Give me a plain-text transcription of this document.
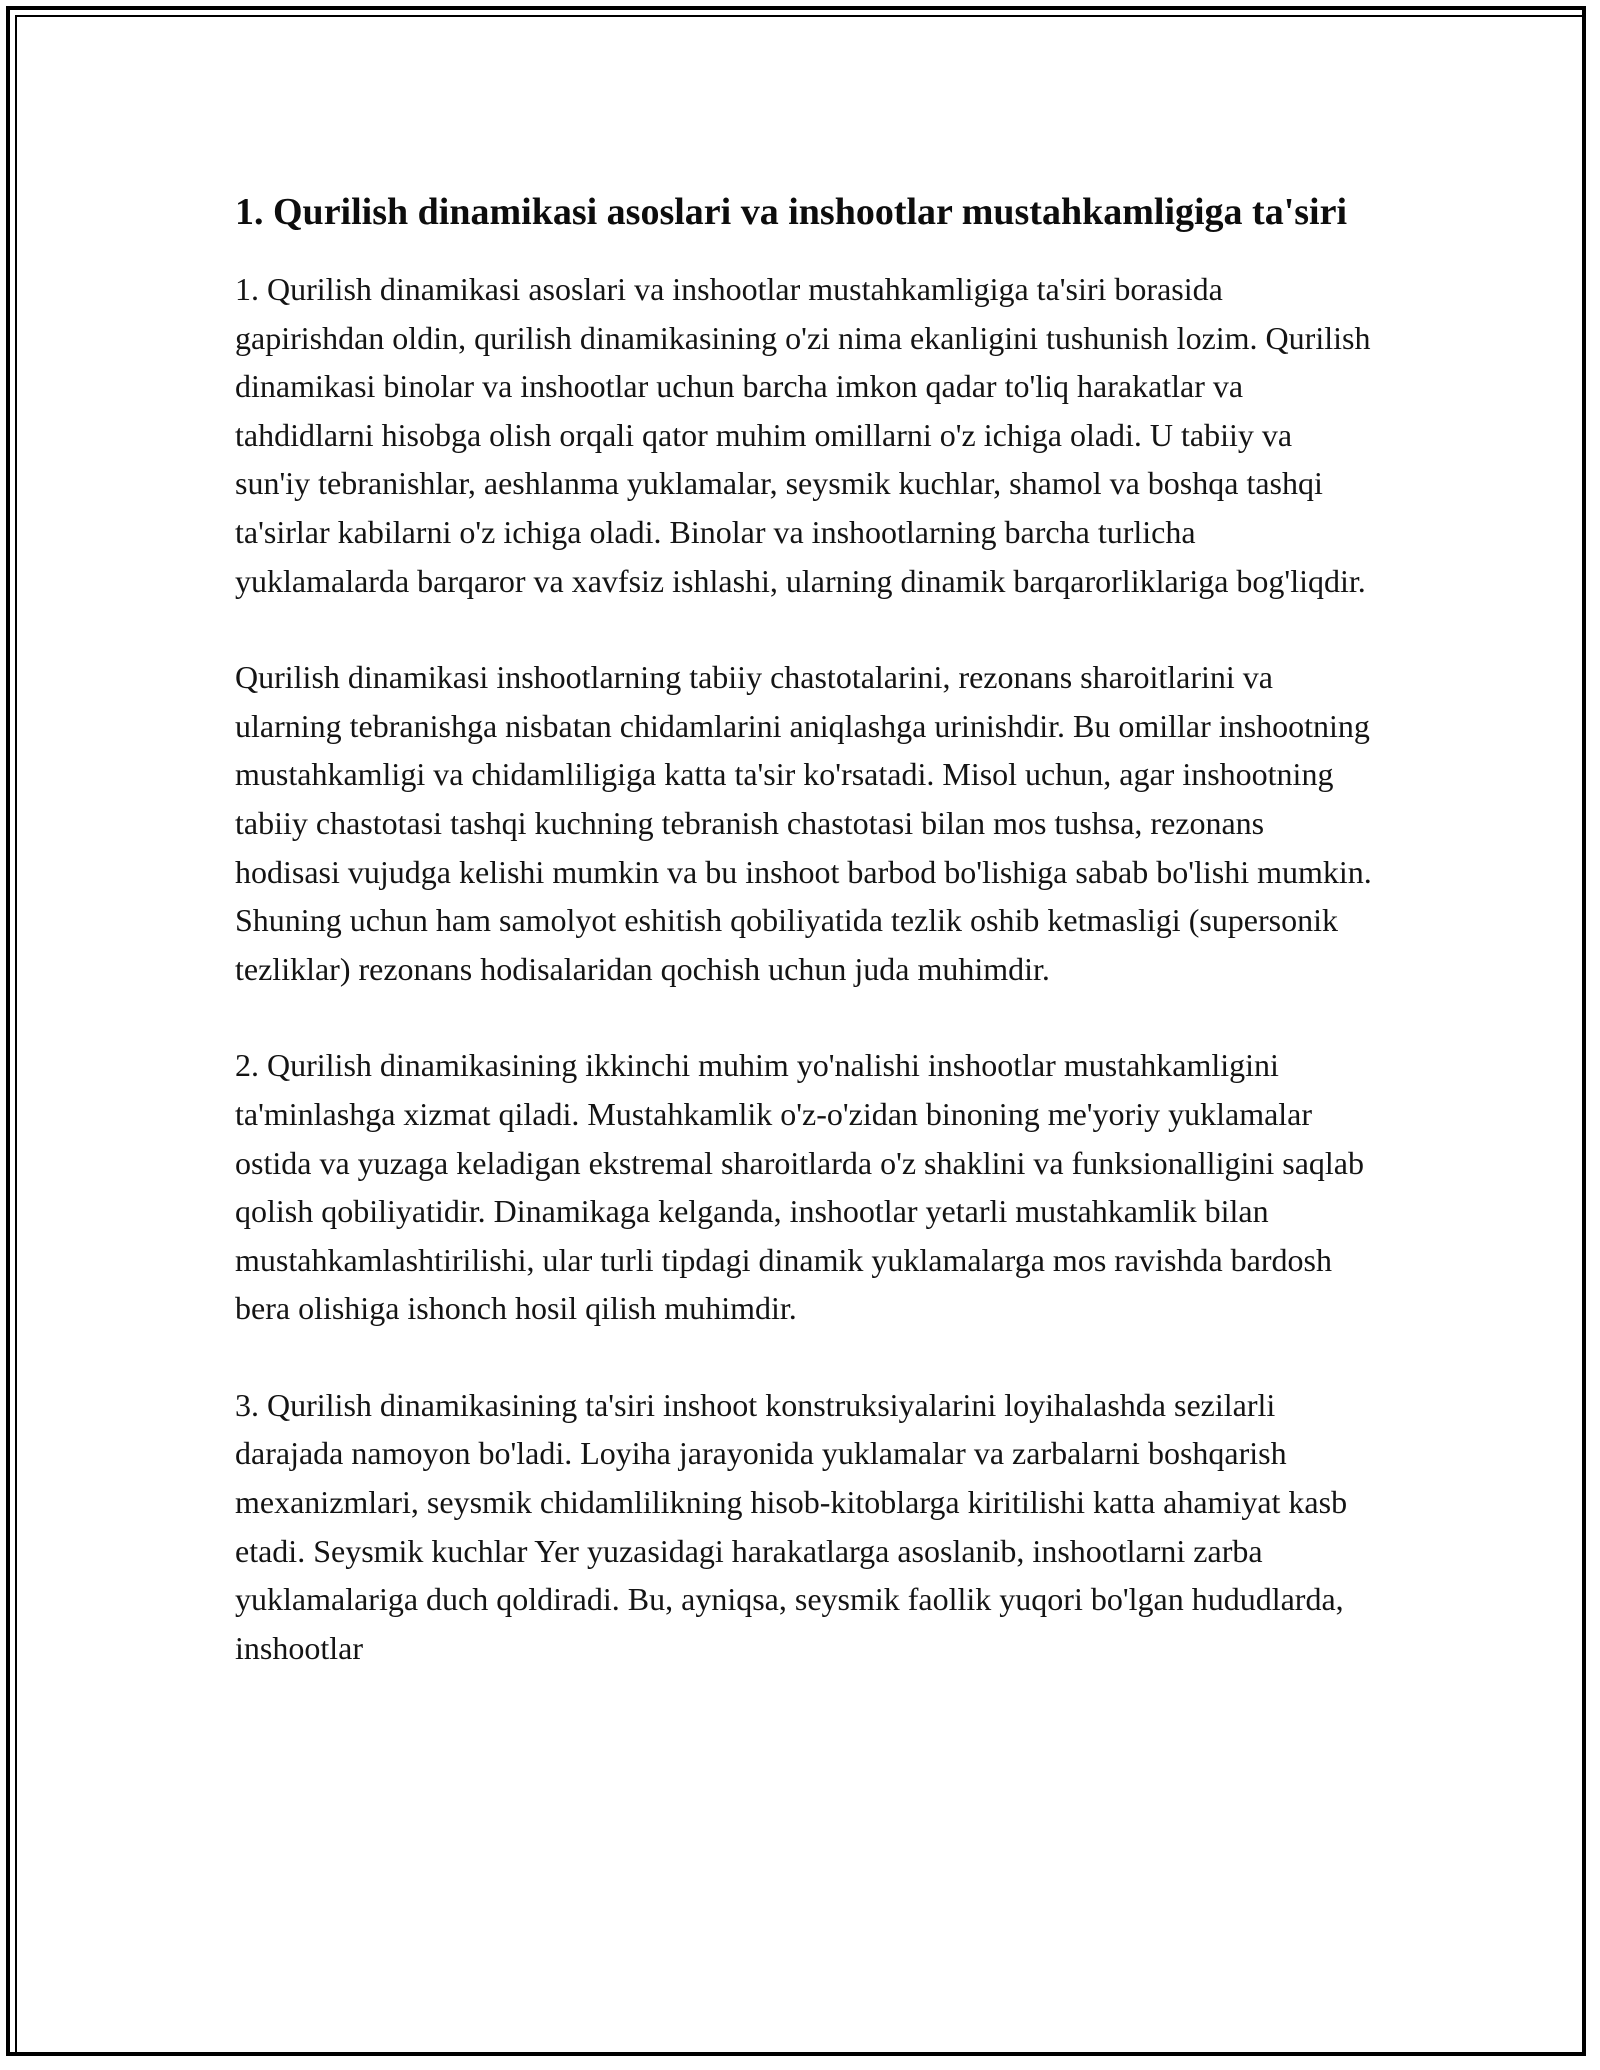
1. Qurilish dinamikasi asoslari va inshootlar mustahkamligiga ta'siri

1. Qurilish dinamikasi asoslari va inshootlar mustahkamligiga ta'siri borasida gapirishdan oldin, qurilish dinamikasining o'zi nima ekanligini tushunish lozim. Qurilish dinamikasi binolar va inshootlar uchun barcha imkon qadar to'liq harakatlar va tahdidlarni hisobga olish orqali qator muhim omillarni o'z ichiga oladi. U tabiiy va sun'iy tebranishlar, aeshlanma yuklamalar, seysmik kuchlar, shamol va boshqa tashqi ta'sirlar kabilarni o'z ichiga oladi. Binolar va inshootlarning barcha turlicha yuklamalarda barqaror va xavfsiz ishlashi, ularning dinamik barqarorliklariga bog'liqdir.

Qurilish dinamikasi inshootlarning tabiiy chastotalarini, rezonans sharoitlarini va ularning tebranishga nisbatan chidamlarini aniqlashga urinishdir. Bu omillar inshootning mustahkamligi va chidamliligiga katta ta'sir ko'rsatadi. Misol uchun, agar inshootning tabiiy chastotasi tashqi kuchning tebranish chastotasi bilan mos tushsa, rezonans hodisasi vujudga kelishi mumkin va bu inshoot barbod bo'lishiga sabab bo'lishi mumkin. Shuning uchun ham samolyot eshitish qobiliyatida tezlik oshib ketmasligi (supersonik tezliklar) rezonans hodisalaridan qochish uchun juda muhimdir.

2. Qurilish dinamikasining ikkinchi muhim yo'nalishi inshootlar mustahkamligini ta'minlashga xizmat qiladi. Mustahkamlik o'z-o'zidan binoning me'yoriy yuklamalar ostida va yuzaga keladigan ekstremal sharoitlarda o'z shaklini va funksionalligini saqlab qolish qobiliyatidir. Dinamikaga kelganda, inshootlar yetarli mustahkamlik bilan mustahkamlashtirilishi, ular turli tipdagi dinamik yuklamalarga mos ravishda bardosh bera olishiga ishonch hosil qilish muhimdir.

3. Qurilish dinamikasining ta'siri inshoot konstruksiyalarini loyihalashda sezilarli darajada namoyon bo'ladi. Loyiha jarayonida yuklamalar va zarbalarni boshqarish mexanizmlari, seysmik chidamlilikning hisob-kitoblarga kiritilishi katta ahamiyat kasb etadi. Seysmik kuchlar Yer yuzasidagi harakatlarga asoslanib, inshootlarni zarba yuklamalariga duch qoldiradi. Bu, ayniqsa, seysmik faollik yuqori bo'lgan hududlarda, inshootlar
